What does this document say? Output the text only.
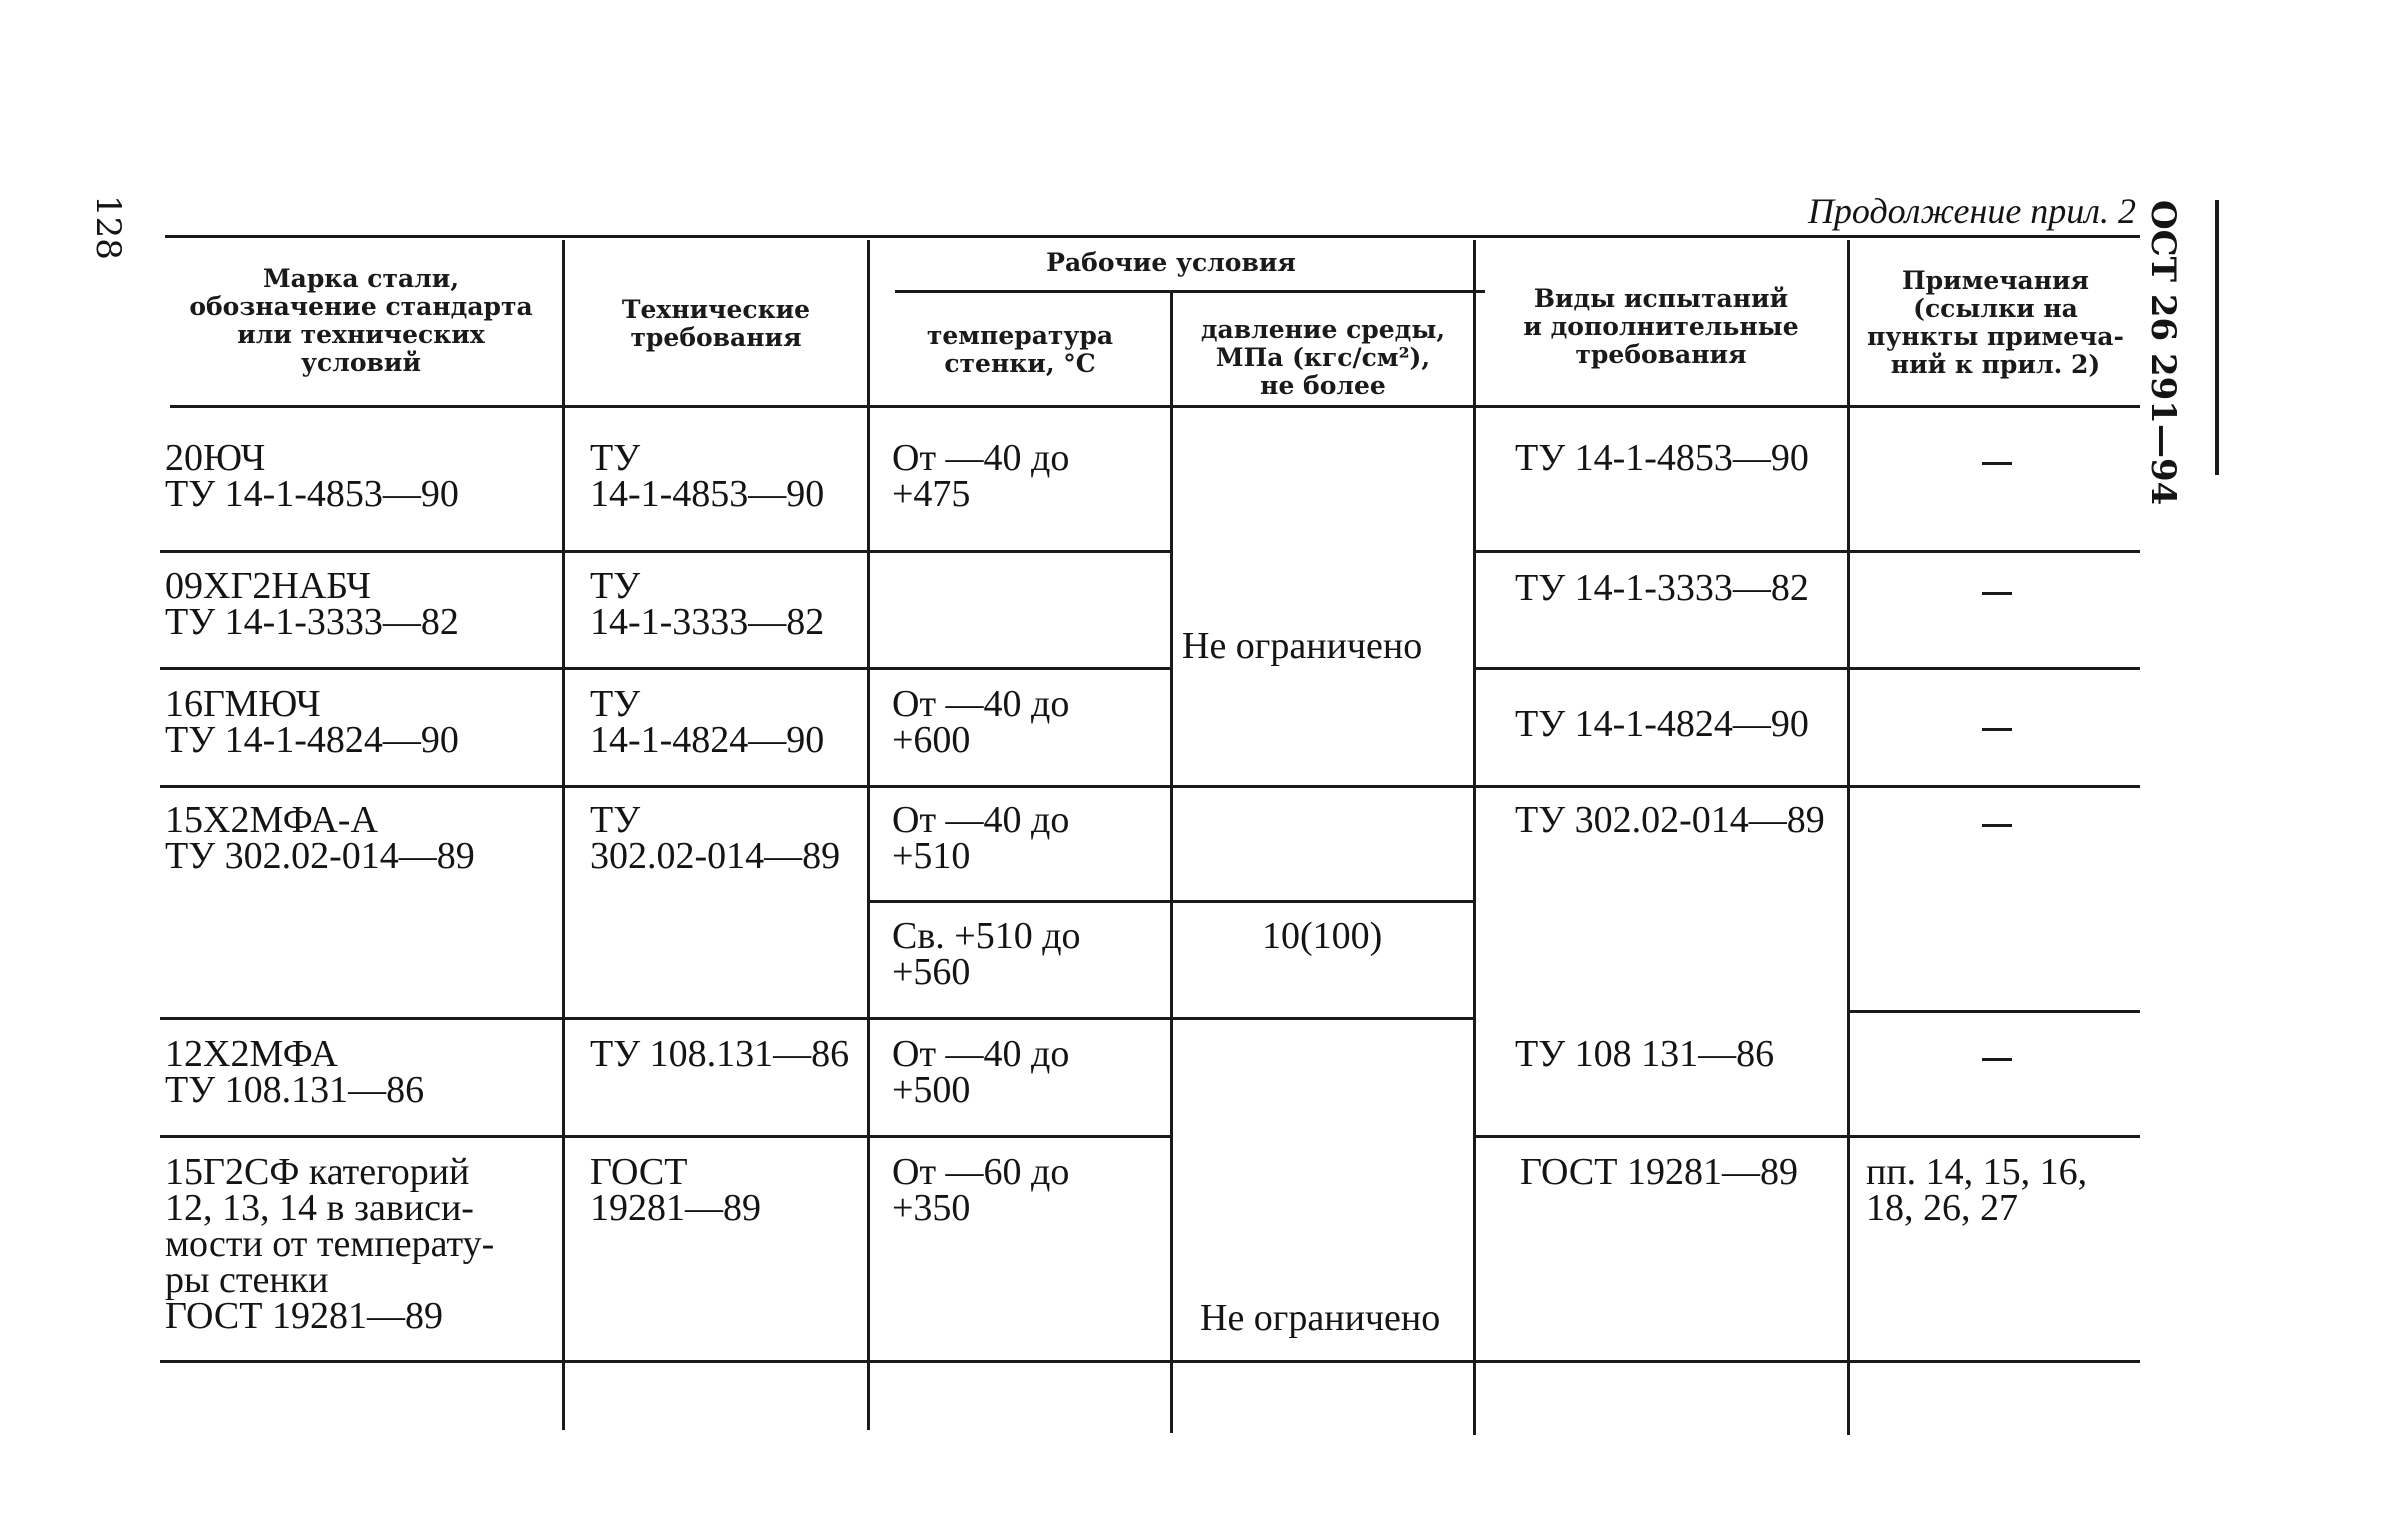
128	ОСТ 26 291—94
Продолжение прил. 2
Марка стали,
обозначение стандарта
или технических
условий
Технические
требования
Рабочие условия
температура
стенки, °С
давление среды,
МПа (кгс/см²),
не более
Виды испытаний
и дополнительные
требования
Примечания
(ссылки на
пункты примеча-
ний к прил. 2)
20ЮЧ
ТУ 14-1-4853—90
ТУ
14-1-4853—90
От —40 до
+475
ТУ 14-1-4853—90
09ХГ2НАБЧ
ТУ 14-1-3333—82
ТУ
14-1-3333—82
ТУ 14-1-3333—82
Не ограничено
16ГМЮЧ
ТУ 14-1-4824—90
ТУ
14-1-4824—90
От —40 до
+600	ТУ 14-1-4824—90
15Х2МФА-А
ТУ 302.02-014—89
ТУ
302.02-014—89
От —40 до
+510
Св. +510 до
+560
10(100)
ТУ 302.02-014—89
12Х2МФА
ТУ 108.131—86
ТУ 108.131—86 От —40 до
+500
ТУ 108 131—86
15Г2СФ категорий
12, 13, 14 в зависи-
мости от температу-
ры стенки
ГОСТ 19281—89
ГОСТ
19281—89
От —60 до
+350
ГОСТ 19281—89 пп. 14, 15, 16,
18, 26, 27
Не ограничено
